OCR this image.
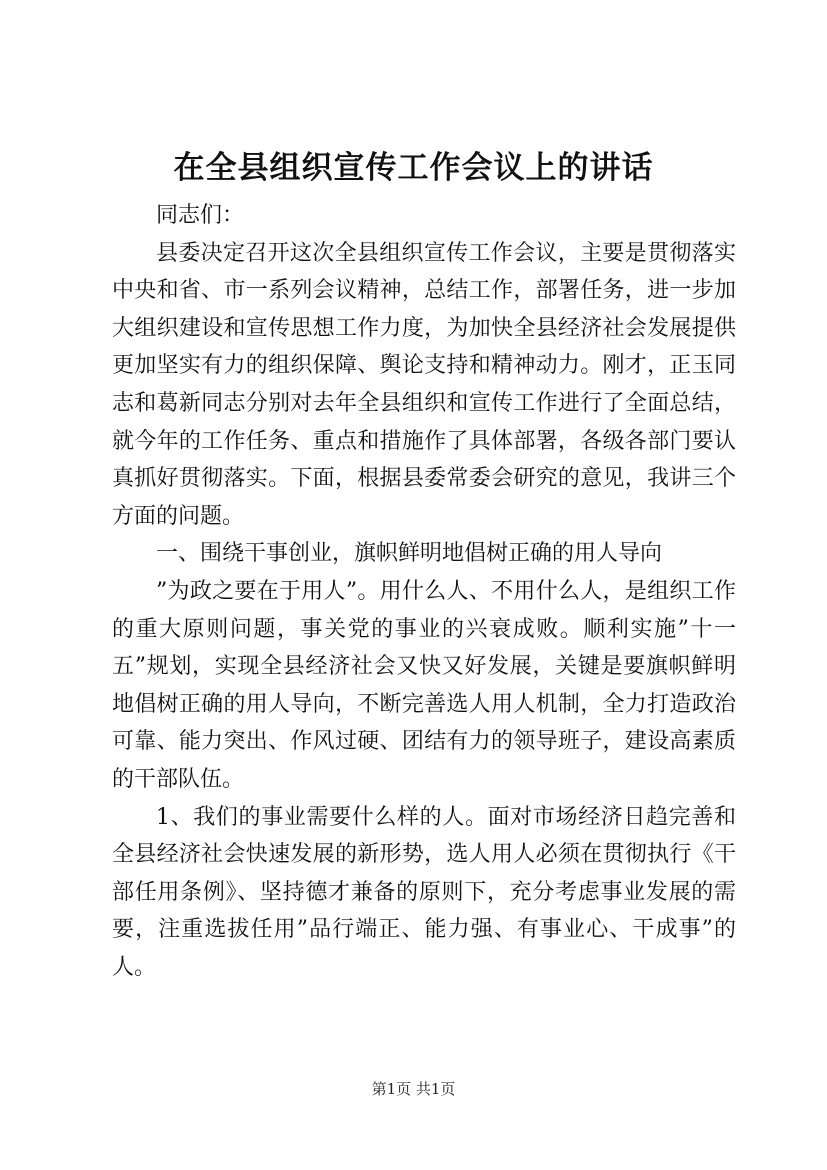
在全县组织宣传工作会议上的讲话

同志们：

县委决定召开这次全县组织宣传工作会议，主要是贯彻落实中央和省、市一系列会议精神，总结工作，部署任务，进一步加大组织建设和宣传思想工作力度，为加快全县经济社会发展提供更加坚实有力的组织保障、舆论支持和精神动力。刚才，正玉同志和葛新同志分别对去年全县组织和宣传工作进行了全面总结，就今年的工作任务、重点和措施作了具体部署，各级各部门要认真抓好贯彻落实。下面，根据县委常委会研究的意见，我讲三个方面的问题。

一、围绕干事创业，旗帜鲜明地倡树正确的用人导向

”为政之要在于用人”。用什么人、不用什么人，是组织工作的重大原则问题，事关党的事业的兴衰成败。顺利实施”十一五”规划，实现全县经济社会又快又好发展，关键是要旗帜鲜明地倡树正确的用人导向，不断完善选人用人机制，全力打造政治可靠、能力突出、作风过硬、团结有力的领导班子，建设高素质的干部队伍。

1、我们的事业需要什么样的人。面对市场经济日趋完善和全县经济社会快速发展的新形势，选人用人必须在贯彻执行《干部任用条例》、坚持德才兼备的原则下，充分考虑事业发展的需要，注重选拔任用”品行端正、能力强、有事业心、干成事”的人。

第1页 共1页
